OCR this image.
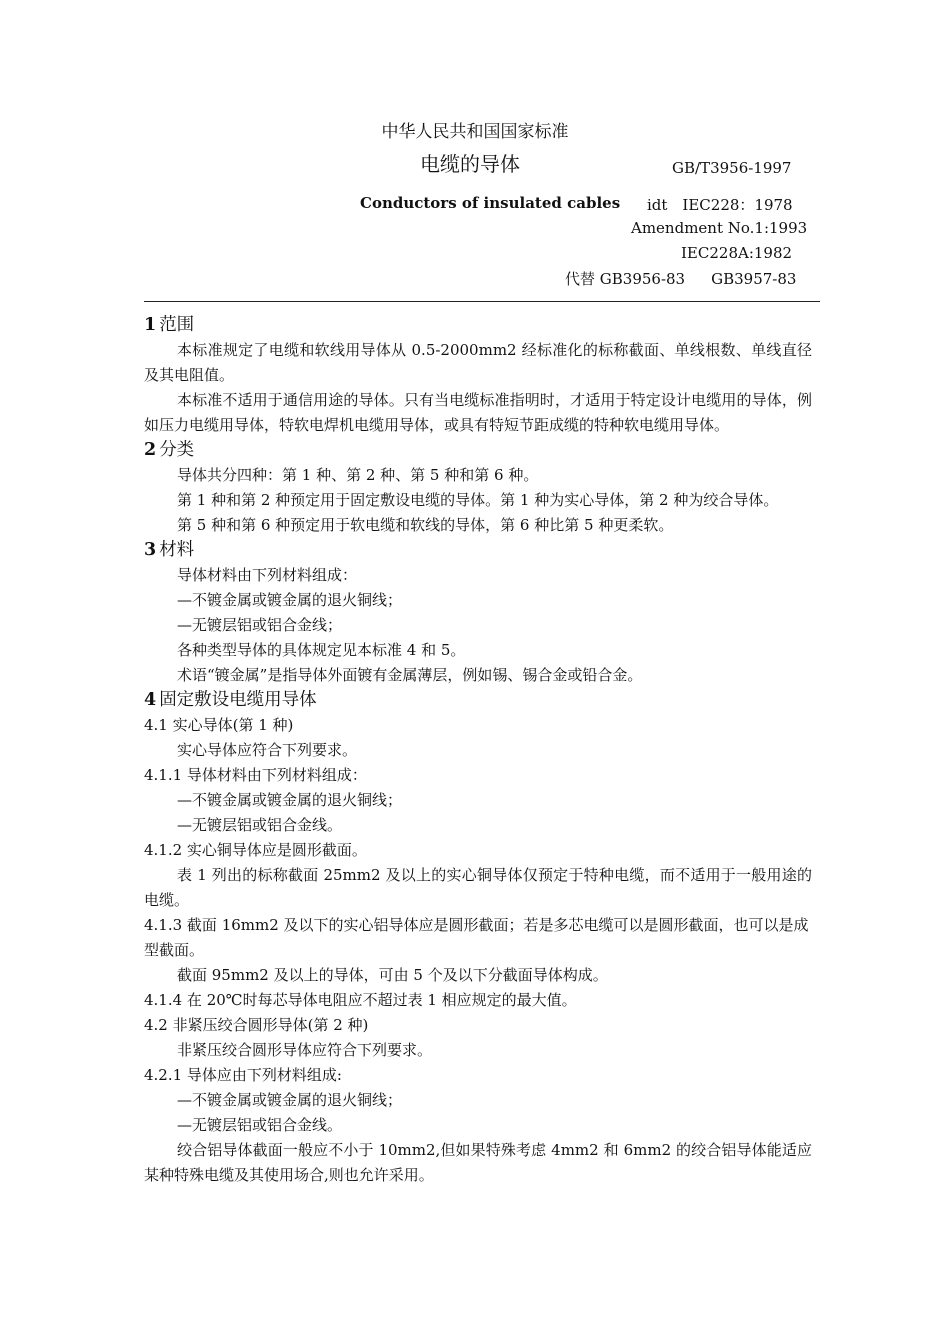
中华人民共和国国家标准
电缆的导体	GB/T3956-1997
Conductors of insulated cables idt　IEC228：1978
Amendment No.1:1993
IEC228A:1982
代替 GB3956-83 GB3957-83

1 范围

本标准规定了电缆和软线用导体从 0.5-2000mm2 经标准化的标称截面、单线根数、单线直径及其电阻值。

本标准不适用于通信用途的导体。只有当电缆标准指明时，才适用于特定设计电缆用的导体，例如压力电缆用导体，特软电焊机电缆用导体，或具有特短节距成缆的特种软电缆用导体。

2 分类

导体共分四种：第 1 种、第 2 种、第 5 种和第 6 种。

第 1 种和第 2 种预定用于固定敷设电缆的导体。第 1 种为实心导体，第 2 种为绞合导体。

第 5 种和第 6 种预定用于软电缆和软线的导体，第 6 种比第 5 种更柔软。

3 材料

导体材料由下列材料组成：

—不镀金属或镀金属的退火铜线；

—无镀层铝或铝合金线；

各种类型导体的具体规定见本标准 4 和 5。

术语“镀金属”是指导体外面镀有金属薄层，例如锡、锡合金或铅合金。

4 固定敷设电缆用导体

4.1 实心导体(第 1 种)

实心导体应符合下列要求。

4.1.1 导体材料由下列材料组成：

—不镀金属或镀金属的退火铜线；

—无镀层铝或铝合金线。

4.1.2 实心铜导体应是圆形截面。

表 1 列出的标称截面 25mm2 及以上的实心铜导体仅预定于特种电缆，而不适用于一般用途的电缆。

4.1.3 截面 16mm2 及以下的实心铝导体应是圆形截面；若是多芯电缆可以是圆形截面，也可以是成型截面。

截面 95mm2 及以上的导体，可由 5 个及以下分截面导体构成。

4.1.4 在 20℃时每芯导体电阻应不超过表 1 相应规定的最大值。

4.2 非紧压绞合圆形导体(第 2 种)

非紧压绞合圆形导体应符合下列要求。

4.2.1 导体应由下列材料组成:

—不镀金属或镀金属的退火铜线；

—无镀层铝或铝合金线。

绞合铝导体截面一般应不小于 10mm2,但如果特殊考虑 4mm2 和 6mm2 的绞合铝导体能适应某种特殊电缆及其使用场合,则也允许采用。
